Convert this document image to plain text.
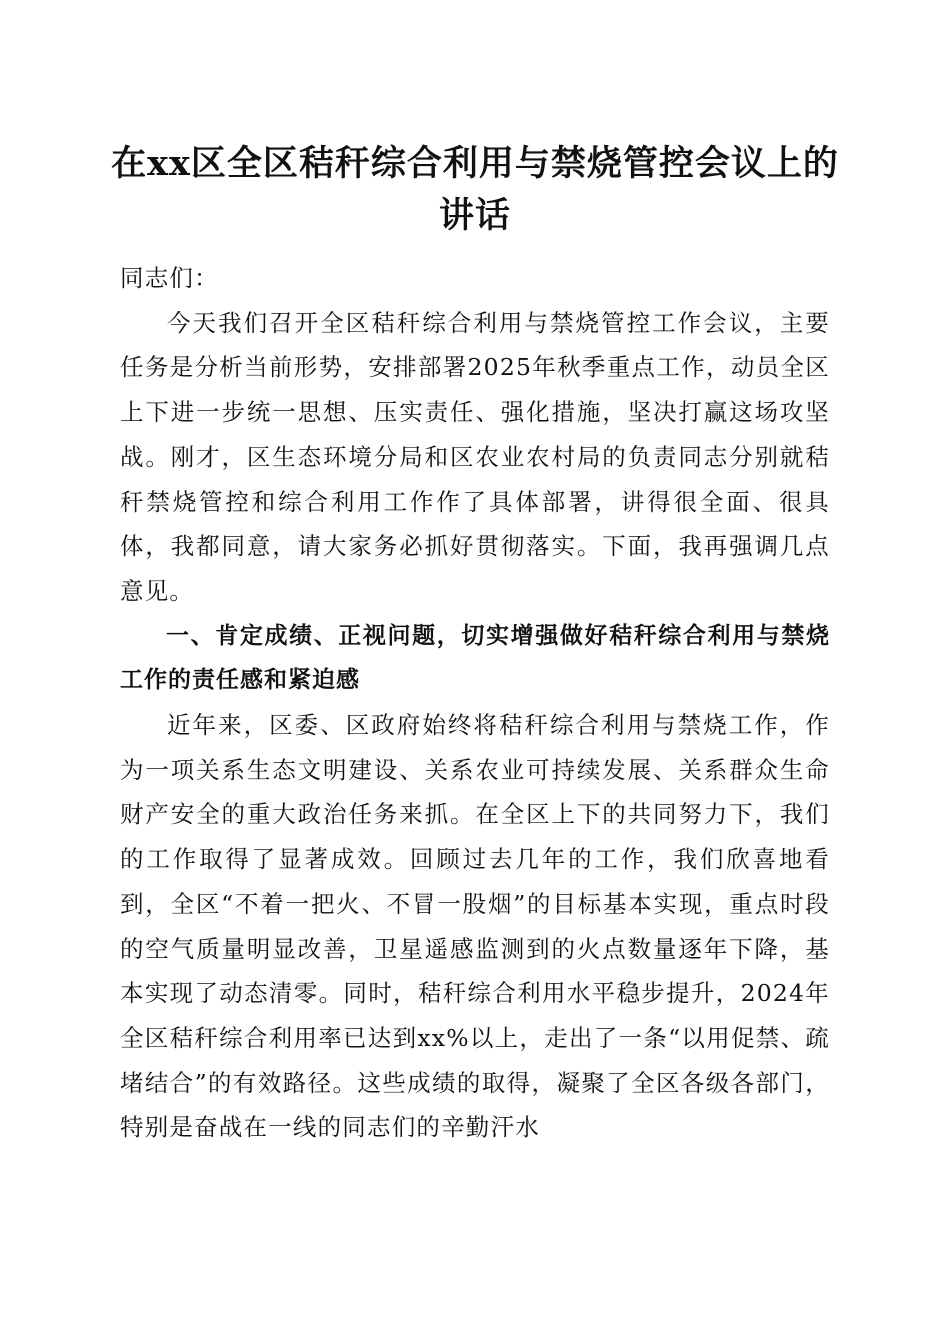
在xx区全区秸秆综合利用与禁烧管控会议上的讲话

同志们：

今天我们召开全区秸秆综合利用与禁烧管控工作会议，主要任务是分析当前形势，安排部署2025年秋季重点工作，动员全区上下进一步统一思想、压实责任、强化措施，坚决打赢这场攻坚战。刚才，区生态环境分局和区农业农村局的负责同志分别就秸秆禁烧管控和综合利用工作作了具体部署，讲得很全面、很具体，我都同意，请大家务必抓好贯彻落实。下面，我再强调几点意见。

一、肯定成绩、正视问题，切实增强做好秸秆综合利用与禁烧工作的责任感和紧迫感

近年来，区委、区政府始终将秸秆综合利用与禁烧工作，作为一项关系生态文明建设、关系农业可持续发展、关系群众生命财产安全的重大政治任务来抓。在全区上下的共同努力下，我们的工作取得了显著成效。回顾过去几年的工作，我们欣喜地看到，全区“不着一把火、不冒一股烟”的目标基本实现，重点时段的空气质量明显改善，卫星遥感监测到的火点数量逐年下降，基本实现了动态清零。同时，秸秆综合利用水平稳步提升，2024年全区秸秆综合利用率已达到xx%以上，走出了一条“以用促禁、疏堵结合”的有效路径。这些成绩的取得，凝聚了全区各级各部门，特别是奋战在一线的同志们的辛勤汗水
